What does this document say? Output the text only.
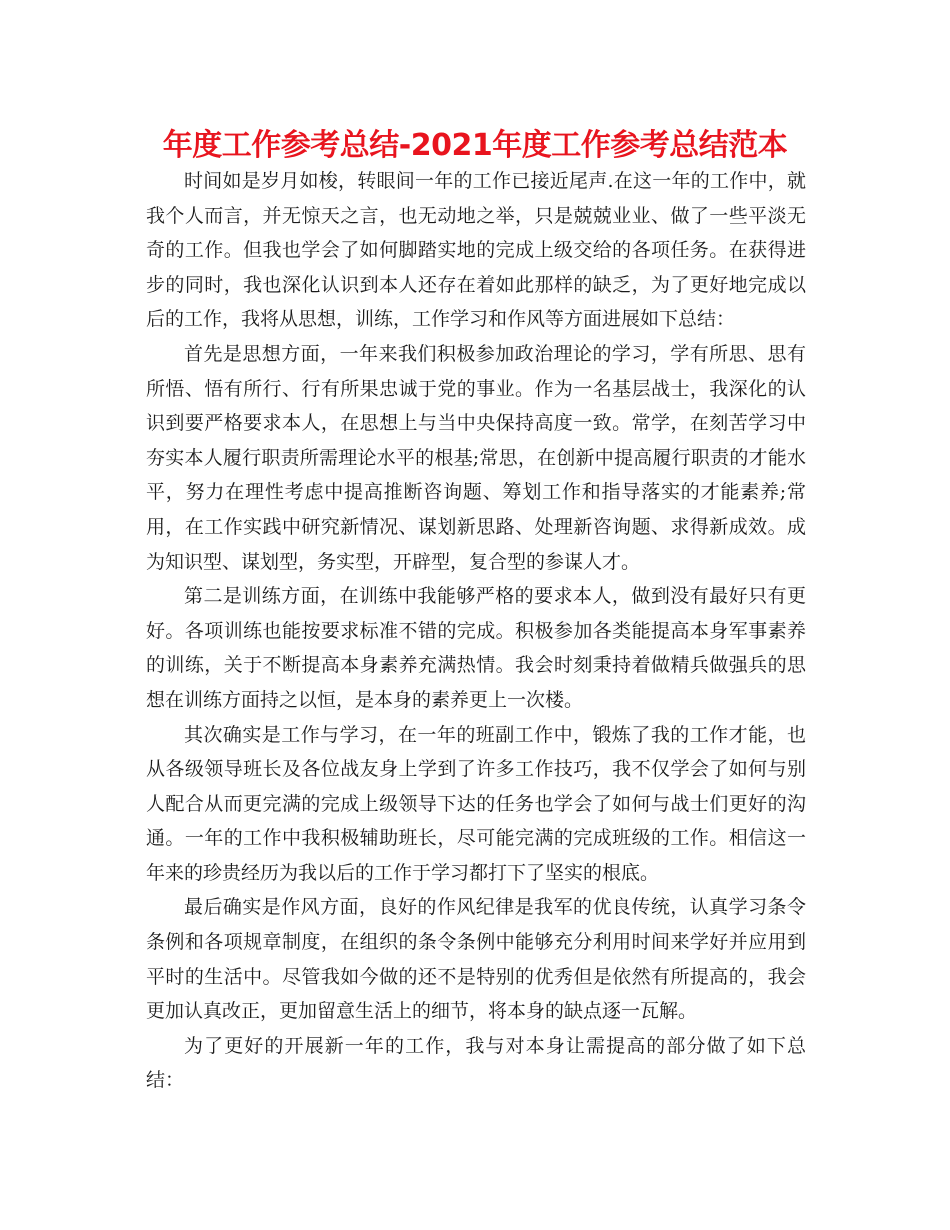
年度工作参考总结-2021年度工作参考总结范本

时间如是岁月如梭，转眼间一年的工作已接近尾声.在这一年的工作中，就我个人而言，并无惊天之言，也无动地之举，只是兢兢业业、做了一些平淡无奇的工作。但我也学会了如何脚踏实地的完成上级交给的各项任务。在获得进步的同时，我也深化认识到本人还存在着如此那样的缺乏，为了更好地完成以后的工作，我将从思想，训练，工作学习和作风等方面进展如下总结：

首先是思想方面，一年来我们积极参加政治理论的学习，学有所思、思有所悟、悟有所行、行有所果忠诚于党的事业。作为一名基层战士，我深化的认识到要严格要求本人，在思想上与当中央保持高度一致。常学，在刻苦学习中夯实本人履行职责所需理论水平的根基;常思，在创新中提高履行职责的才能水平，努力在理性考虑中提高推断咨询题、筹划工作和指导落实的才能素养;常用，在工作实践中研究新情况、谋划新思路、处理新咨询题、求得新成效。成为知识型、谋划型，务实型，开辟型，复合型的参谋人才。

第二是训练方面，在训练中我能够严格的要求本人，做到没有最好只有更好。各项训练也能按要求标准不错的完成。积极参加各类能提高本身军事素养的训练，关于不断提高本身素养充满热情。我会时刻秉持着做精兵做强兵的思想在训练方面持之以恒，是本身的素养更上一次楼。

其次确实是工作与学习，在一年的班副工作中，锻炼了我的工作才能，也从各级领导班长及各位战友身上学到了许多工作技巧，我不仅学会了如何与别人配合从而更完满的完成上级领导下达的任务也学会了如何与战士们更好的沟通。一年的工作中我积极辅助班长，尽可能完满的完成班级的工作。相信这一年来的珍贵经历为我以后的工作于学习都打下了坚实的根底。

最后确实是作风方面，良好的作风纪律是我军的优良传统，认真学习条令条例和各项规章制度，在组织的条令条例中能够充分利用时间来学好并应用到平时的生活中。尽管我如今做的还不是特别的优秀但是依然有所提高的，我会更加认真改正，更加留意生活上的细节，将本身的缺点逐一瓦解。

为了更好的开展新一年的工作，我与对本身让需提高的部分做了如下总结：
